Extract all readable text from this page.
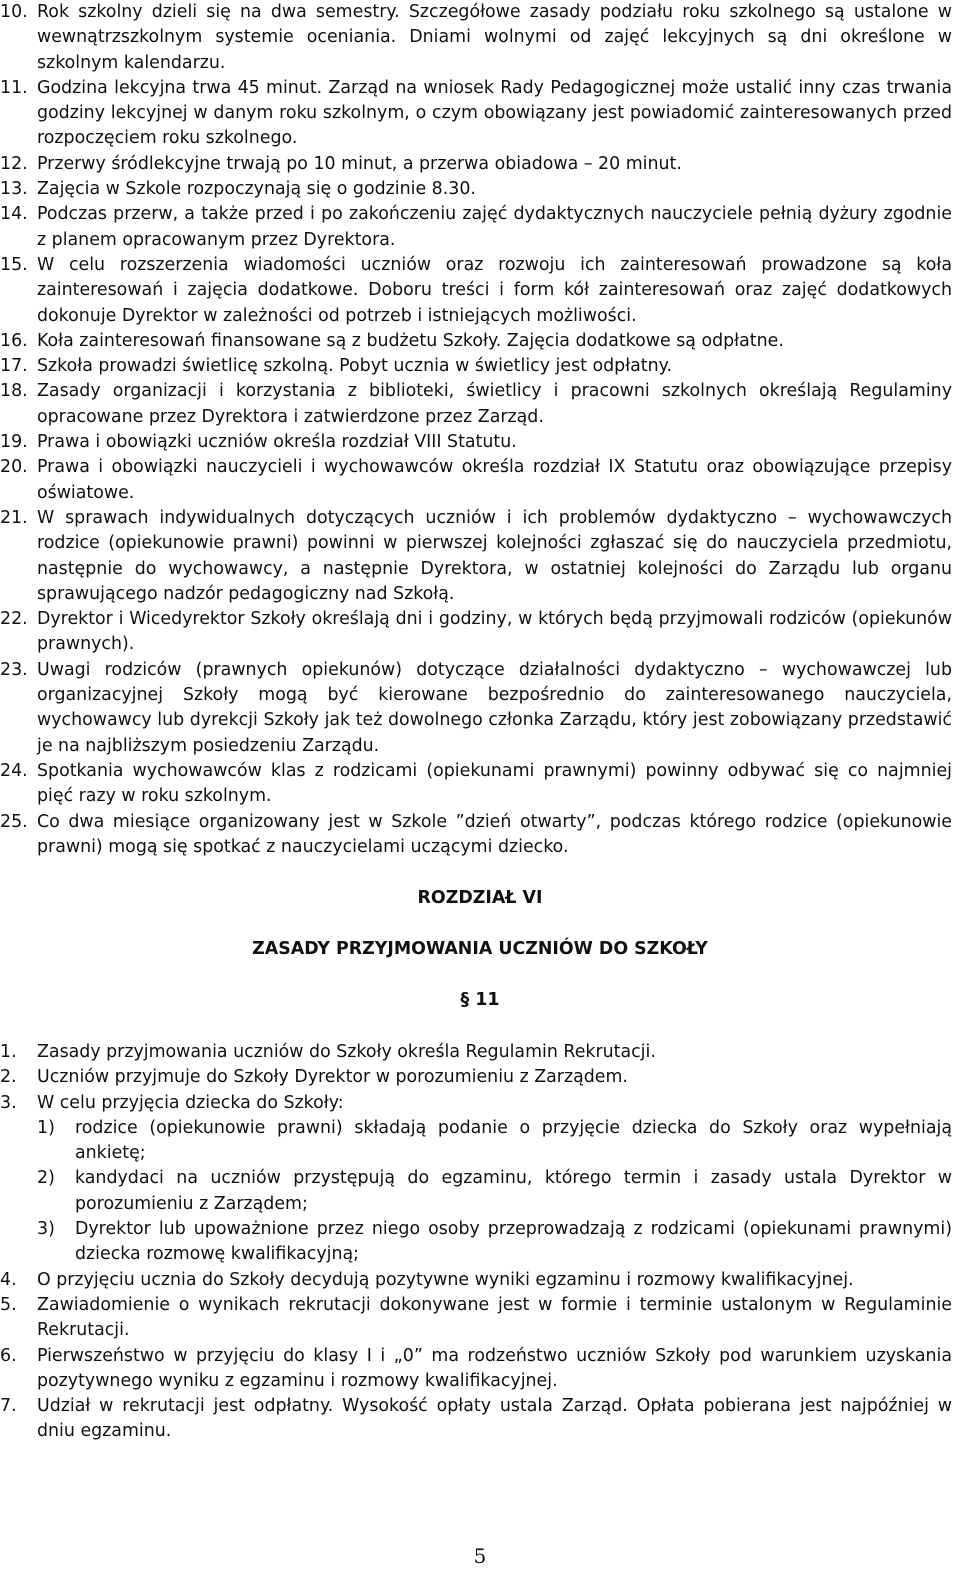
10. Rok szkolny dzieli się na dwa semestry. Szczegółowe zasady podziału roku szkolnego są ustalone w wewnątrzszkolnym systemie oceniania. Dniami wolnymi od zajęć lekcyjnych są dni określone w szkolnym kalendarzu.
11. Godzina lekcyjna trwa 45 minut. Zarząd na wniosek Rady Pedagogicznej może ustalić inny czas trwania godziny lekcyjnej w danym roku szkolnym, o czym obowiązany jest powiadomić zainteresowanych przed rozpoczęciem roku szkolnego.
12. Przerwy śródlekcyjne trwają po 10 minut, a przerwa obiadowa – 20 minut.
13. Zajęcia w Szkole rozpoczynają się o godzinie 8.30.
14. Podczas przerw, a także przed i po zakończeniu zajęć dydaktycznych nauczyciele pełnią dyżury zgodnie z planem opracowanym przez Dyrektora.
15. W celu rozszerzenia wiadomości uczniów oraz rozwoju ich zainteresowań prowadzone są koła zainteresowań i zajęcia dodatkowe. Doboru treści i form kół zainteresowań oraz zajęć dodatkowych dokonuje Dyrektor w zależności od potrzeb i istniejących możliwości.
16. Koła zainteresowań finansowane są z budżetu Szkoły. Zajęcia dodatkowe są odpłatne.
17. Szkoła prowadzi świetlicę szkolną. Pobyt ucznia w świetlicy jest odpłatny.
18. Zasady organizacji i korzystania z biblioteki, świetlicy i pracowni szkolnych określają Regulaminy opracowane przez Dyrektora i zatwierdzone przez Zarząd.
19. Prawa i obowiązki uczniów określa rozdział VIII Statutu.
20. Prawa i obowiązki nauczycieli i wychowawców określa rozdział IX Statutu oraz obowiązujące przepisy oświatowe.
21. W sprawach indywidualnych dotyczących uczniów i ich problemów dydaktyczno – wychowawczych rodzice (opiekunowie prawni) powinni w pierwszej kolejności zgłaszać się do nauczyciela przedmiotu, następnie do wychowawcy, a następnie Dyrektora, w ostatniej kolejności do Zarządu lub organu sprawującego nadzór pedagogiczny nad Szkołą.
22. Dyrektor i Wicedyrektor Szkoły określają dni i godziny, w których będą przyjmowali rodziców (opiekunów prawnych).
23. Uwagi rodziców (prawnych opiekunów) dotyczące działalności dydaktyczno – wychowawczej lub organizacyjnej Szkoły mogą być kierowane bezpośrednio do zainteresowanego nauczyciela, wychowawcy lub dyrekcji Szkoły jak też dowolnego członka Zarządu, który jest zobowiązany przedstawić je na najbliższym posiedzeniu Zarządu.
24. Spotkania wychowawców klas z rodzicami (opiekunami prawnymi) powinny odbywać się co najmniej pięć razy w roku szkolnym.
25. Co dwa miesiące organizowany jest w Szkole ”dzień otwarty”, podczas którego rodzice (opiekunowie prawni) mogą się spotkać z nauczycielami uczącymi dziecko.
ROZDZIAŁ VI
ZASADY PRZYJMOWANIA UCZNIÓW DO SZKOŁY
§ 11
1.	Zasady przyjmowania uczniów do Szkoły określa Regulamin Rekrutacji.
2.	Uczniów przyjmuje do Szkoły Dyrektor w porozumieniu z Zarządem.
3.	W celu przyjęcia dziecka do Szkoły:
1)	rodzice (opiekunowie prawni) składają podanie o przyjęcie dziecka do Szkoły oraz wypełniają ankietę;
2)	kandydaci na uczniów przystępują do egzaminu, którego termin i zasady ustala Dyrektor w porozumieniu z Zarządem;
3)	Dyrektor lub upoważnione przez niego osoby przeprowadzają z rodzicami (opiekunami prawnymi) dziecka rozmowę kwalifikacyjną;
4.	O przyjęciu ucznia do Szkoły decydują pozytywne wyniki egzaminu i rozmowy kwalifikacyjnej.
5.	Zawiadomienie o wynikach rekrutacji dokonywane jest w formie i terminie ustalonym w Regulaminie Rekrutacji.
6.	Pierwszeństwo w przyjęciu do klasy I i „0” ma rodzeństwo uczniów Szkoły pod warunkiem uzyskania pozytywnego wyniku z egzaminu i rozmowy kwalifikacyjnej.
7.	Udział w rekrutacji jest odpłatny. Wysokość opłaty ustala Zarząd. Opłata pobierana jest najpóźniej w dniu egzaminu.
5
